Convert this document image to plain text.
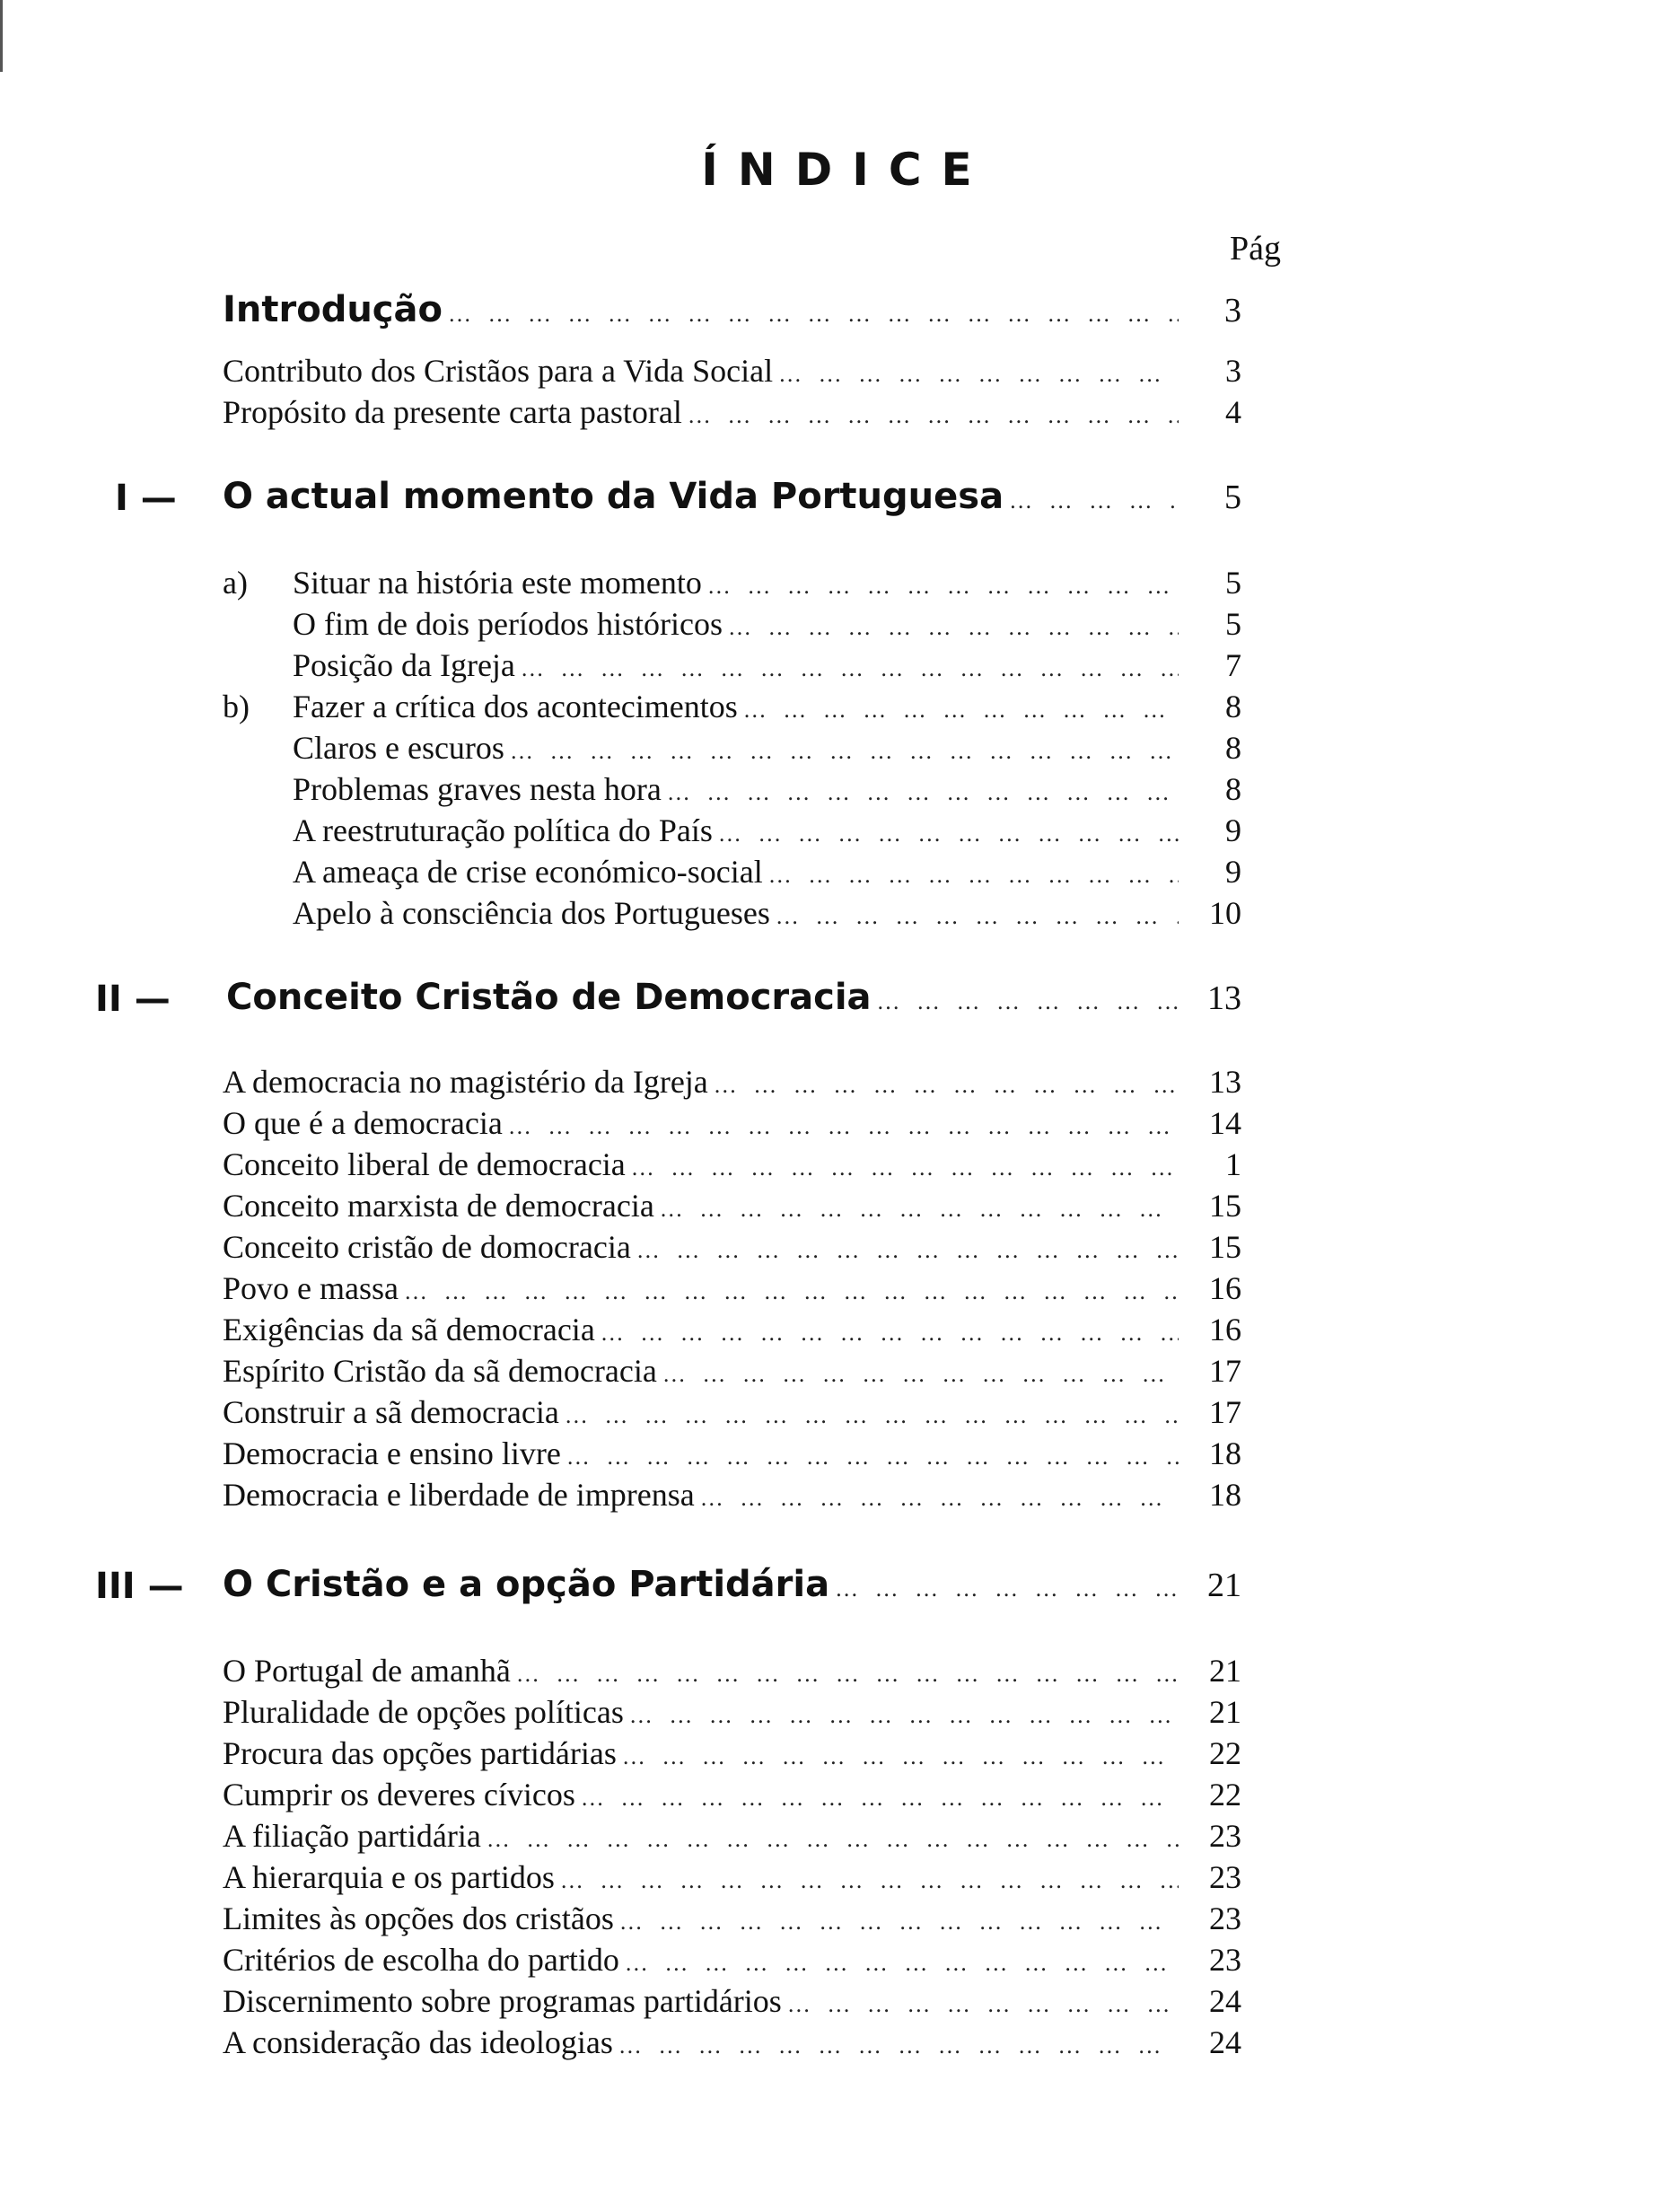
ÍNDICE
Pág
Introdução … … … … … … … … … … … … … … … … … … … … … … … … … … … … … … … … … … … … … … … … … … … …	3
Contributo dos Cristãos para a Vida Social … … … … … … … … … … … … … … … … … … … … … … … … … … … … … … … … … … … … … … … … … … … …	3
Propósito da presente carta pastoral … … … … … … … … … … … … … … … … … … … … … … … … … … … … … … … … … … … … … … … … … … … …	4
I — O actual momento da Vida Portuguesa … … … … … … … … … … … … … … … … … … … … … … … … … … … … … … … … … … … … … … … … … … … …	5
a)	Situar na história este momento … … … … … … … … … … … … … … … … … … … … … … … … … … … … … … … … … … … … … … … … … … … …	5
O fim de dois períodos históricos … … … … … … … … … … … … … … … … … … … … … … … … … … … … … … … … … … … … … … … … … … … …	5
Posição da Igreja … … … … … … … … … … … … … … … … … … … … … … … … … … … … … … … … … … … … … … … … … … … …	7
b)	Fazer a crítica dos acontecimentos … … … … … … … … … … … … … … … … … … … … … … … … … … … … … … … … … … … … … … … … … … … …	8
Claros e escuros … … … … … … … … … … … … … … … … … … … … … … … … … … … … … … … … … … … … … … … … … … … …	8
Problemas graves nesta hora … … … … … … … … … … … … … … … … … … … … … … … … … … … … … … … … … … … … … … … … … … … …	8
A reestruturação política do País … … … … … … … … … … … … … … … … … … … … … … … … … … … … … … … … … … … … … … … … … … … …	9
A ameaça de crise económico-social … … … … … … … … … … … … … … … … … … … … … … … … … … … … … … … … … … … … … … … … … … … …	9
Apelo à consciência dos Portugueses … … … … … … … … … … … … … … … … … … … … … … … … … … … … … … … … … … … … … … … … … … … …	10
II — Conceito Cristão de Democracia … … … … … … … … … … … … … … … … … … … … … … … … … … … … … … … … … … … … … … … … … … … …	13
A democracia no magistério da Igreja … … … … … … … … … … … … … … … … … … … … … … … … … … … … … … … … … … … … … … … … … … … …	13
O que é a democracia … … … … … … … … … … … … … … … … … … … … … … … … … … … … … … … … … … … … … … … … … … … …	14
Conceito liberal de democracia … … … … … … … … … … … … … … … … … … … … … … … … … … … … … … … … … … … … … … … … … … … …	1
Conceito marxista de democracia … … … … … … … … … … … … … … … … … … … … … … … … … … … … … … … … … … … … … … … … … … … …	15
Conceito cristão de domocracia … … … … … … … … … … … … … … … … … … … … … … … … … … … … … … … … … … … … … … … … … … … …	15
Povo e massa … … … … … … … … … … … … … … … … … … … … … … … … … … … … … … … … … … … … … … … … … … … …	16
Exigências da sã democracia … … … … … … … … … … … … … … … … … … … … … … … … … … … … … … … … … … … … … … … … … … … …	16
Espírito Cristão da sã democracia … … … … … … … … … … … … … … … … … … … … … … … … … … … … … … … … … … … … … … … … … … … …	17
Construir a sã democracia … … … … … … … … … … … … … … … … … … … … … … … … … … … … … … … … … … … … … … … … … … … …	17
Democracia e ensino livre … … … … … … … … … … … … … … … … … … … … … … … … … … … … … … … … … … … … … … … … … … … …	18
Democracia e liberdade de imprensa … … … … … … … … … … … … … … … … … … … … … … … … … … … … … … … … … … … … … … … … … … … …	18
III — O Cristão e a opção Partidária … … … … … … … … … … … … … … … … … … … … … … … … … … … … … … … … … … … … … … … … … … … …	21
O Portugal de amanhã … … … … … … … … … … … … … … … … … … … … … … … … … … … … … … … … … … … … … … … … … … … …	21
Pluralidade de opções políticas … … … … … … … … … … … … … … … … … … … … … … … … … … … … … … … … … … … … … … … … … … … …	21
Procura das opções partidárias … … … … … … … … … … … … … … … … … … … … … … … … … … … … … … … … … … … … … … … … … … … …	22
Cumprir os deveres cívicos … … … … … … … … … … … … … … … … … … … … … … … … … … … … … … … … … … … … … … … … … … … …	22
A filiação partidária … … … … … … … … … … … … … … … … … … … … … … … … … … … … … … … … … … … … … … … … … … … …	23
A hierarquia e os partidos … … … … … … … … … … … … … … … … … … … … … … … … … … … … … … … … … … … … … … … … … … … …	23
Limites às opções dos cristãos … … … … … … … … … … … … … … … … … … … … … … … … … … … … … … … … … … … … … … … … … … … …	23
Critérios de escolha do partido … … … … … … … … … … … … … … … … … … … … … … … … … … … … … … … … … … … … … … … … … … … …	23
Discernimento sobre programas partidários … … … … … … … … … … … … … … … … … … … … … … … … … … … … … … … … … … … … … … … … … … … …	24
A consideração das ideologias … … … … … … … … … … … … … … … … … … … … … … … … … … … … … … … … … … … … … … … … … … … …	24
